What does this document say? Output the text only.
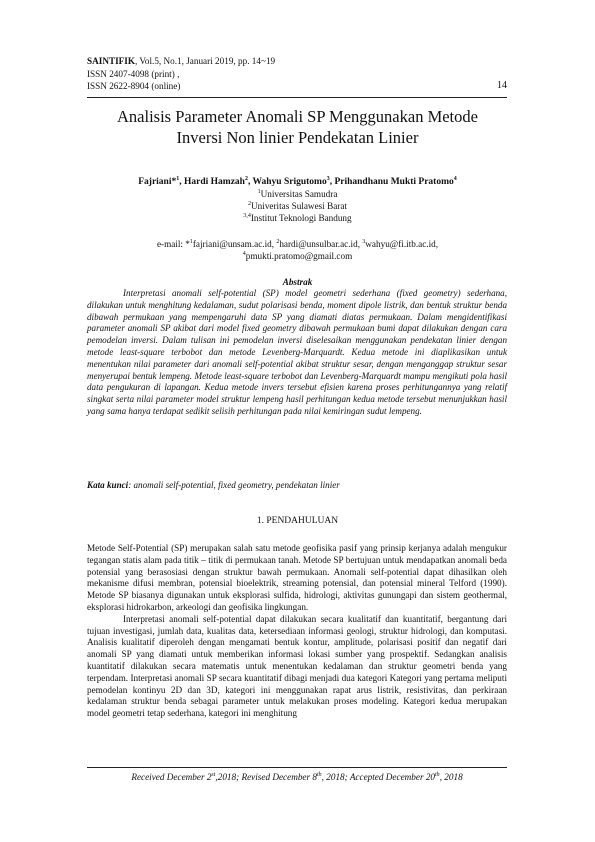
SAINTIFIK, Vol.5, No.1, Januari 2019, pp. 14~19
ISSN 2407-4098 (print) ,
ISSN 2622-8904 (online)	14
Analisis Parameter Anomali SP Menggunakan Metode
Inversi Non linier Pendekatan Linier
Fajriani*$^1$, Hardi Hamzah$^2$, Wahyu Srigutomo$^3$, Prihandhanu Mukti Pratomo$^4$
$^1$Universitas Samudra
$^2$Univeritas Sulawesi Barat
$^{3,4}$Institut Teknologi Bandung
e-mail: *$^1$fajriani@unsam.ac.id, $^2$hardi@unsulbar.ac.id, $^3$wahyu@fi.itb.ac.id,
$^4$pmukti.pratomo@gmail.com
Abstrak
Interpretasi anomali self-potential (SP) model geometri sederhana (fixed geometry) sederhana, dilakukan untuk menghitung kedalaman, sudut polarisasi benda, moment dipole listrik, dan bentuk struktur benda dibawah permukaan yang mempengaruhi data SP yang diamati diatas permukaan. Dalam mengidentifikasi parameter anomali SP akibat dari model fixed geometry dibawah permukaan bumi dapat dilakukan dengan cara pemodelan inversi. Dalam tulisan ini pemodelan inversi diselesaikan menggunakan pendekatan linier dengan metode least-square terbobot dan metode Levenberg-Marquardt. Kedua metode ini diaplikasikan untuk menentukan nilai parameter dari anomali self-potential akibat struktur sesar, dengan menganggap struktur sesar menyerupai bentuk lempeng. Metode least-square terbobot dan Levenberg-Marquardt mampu mengikuti pola hasil data pengukuran di lapangan. Kedua metode invers tersebut efisien karena proses perhitungannya yang relatif singkat serta nilai parameter model struktur lempeng hasil perhitungan kedua metode tersebut menunjukkan hasil yang sama hanya terdapat sedikit selisih perhitungan pada nilai kemiringan sudut lempeng.
Kata kunci: anomali self-potential, fixed geometry, pendekatan linier
1. PENDAHULUAN

Metode Self-Potential (SP) merupakan salah satu metode geofisika pasif yang prinsip kerjanya adalah mengukur tegangan statis alam pada titik – titik di permukaan tanah. Metode SP bertujuan untuk mendapatkan anomali beda potensial yang berasosiasi dengan struktur bawah permukaan. Anomali self-potential dapat dihasilkan oleh mekanisme difusi membran, potensial bioelektrik, streaming potensial, dan potensial mineral Telford (1990). Metode SP biasanya digunakan untuk eksplorasi sulfida, hidrologi, aktivitas gunungapi dan sistem geothermal, eksplorasi hidrokarbon, arkeologi dan geofisika lingkungan.

Interpretasi anomali self-potential dapat dilakukan secara kualitatif dan kuantitatif, bergantung dari tujuan investigasi, jumlah data, kualitas data, ketersediaan informasi geologi, struktur hidrologi, dan komputasi. Analisis kualitatif diperoleh dengan mengamati bentuk kontur, amplitude, polarisasi positif dan negatif dari anomali SP yang diamati untuk memberikan informasi lokasi sumber yang prospektif. Sedangkan analisis kuantitatif dilakukan secara matematis untuk menentukan kedalaman dan struktur geometri benda yang terpendam. Interpretasi anomali SP secara kuantitatif dibagi menjadi dua kategori Kategori yang pertama meliputi pemodelan kontinyu 2D dan 3D, kategori ini menggunakan rapat arus listrik, resistivitas, dan perkiraan kedalaman struktur benda sebagai parameter untuk melakukan proses modeling. Kategori kedua merupakan model geometri tetap sederhana, kategori ini menghitung

Received December 2st,2018; Revised December 8th, 2018; Accepted December 20th, 2018
